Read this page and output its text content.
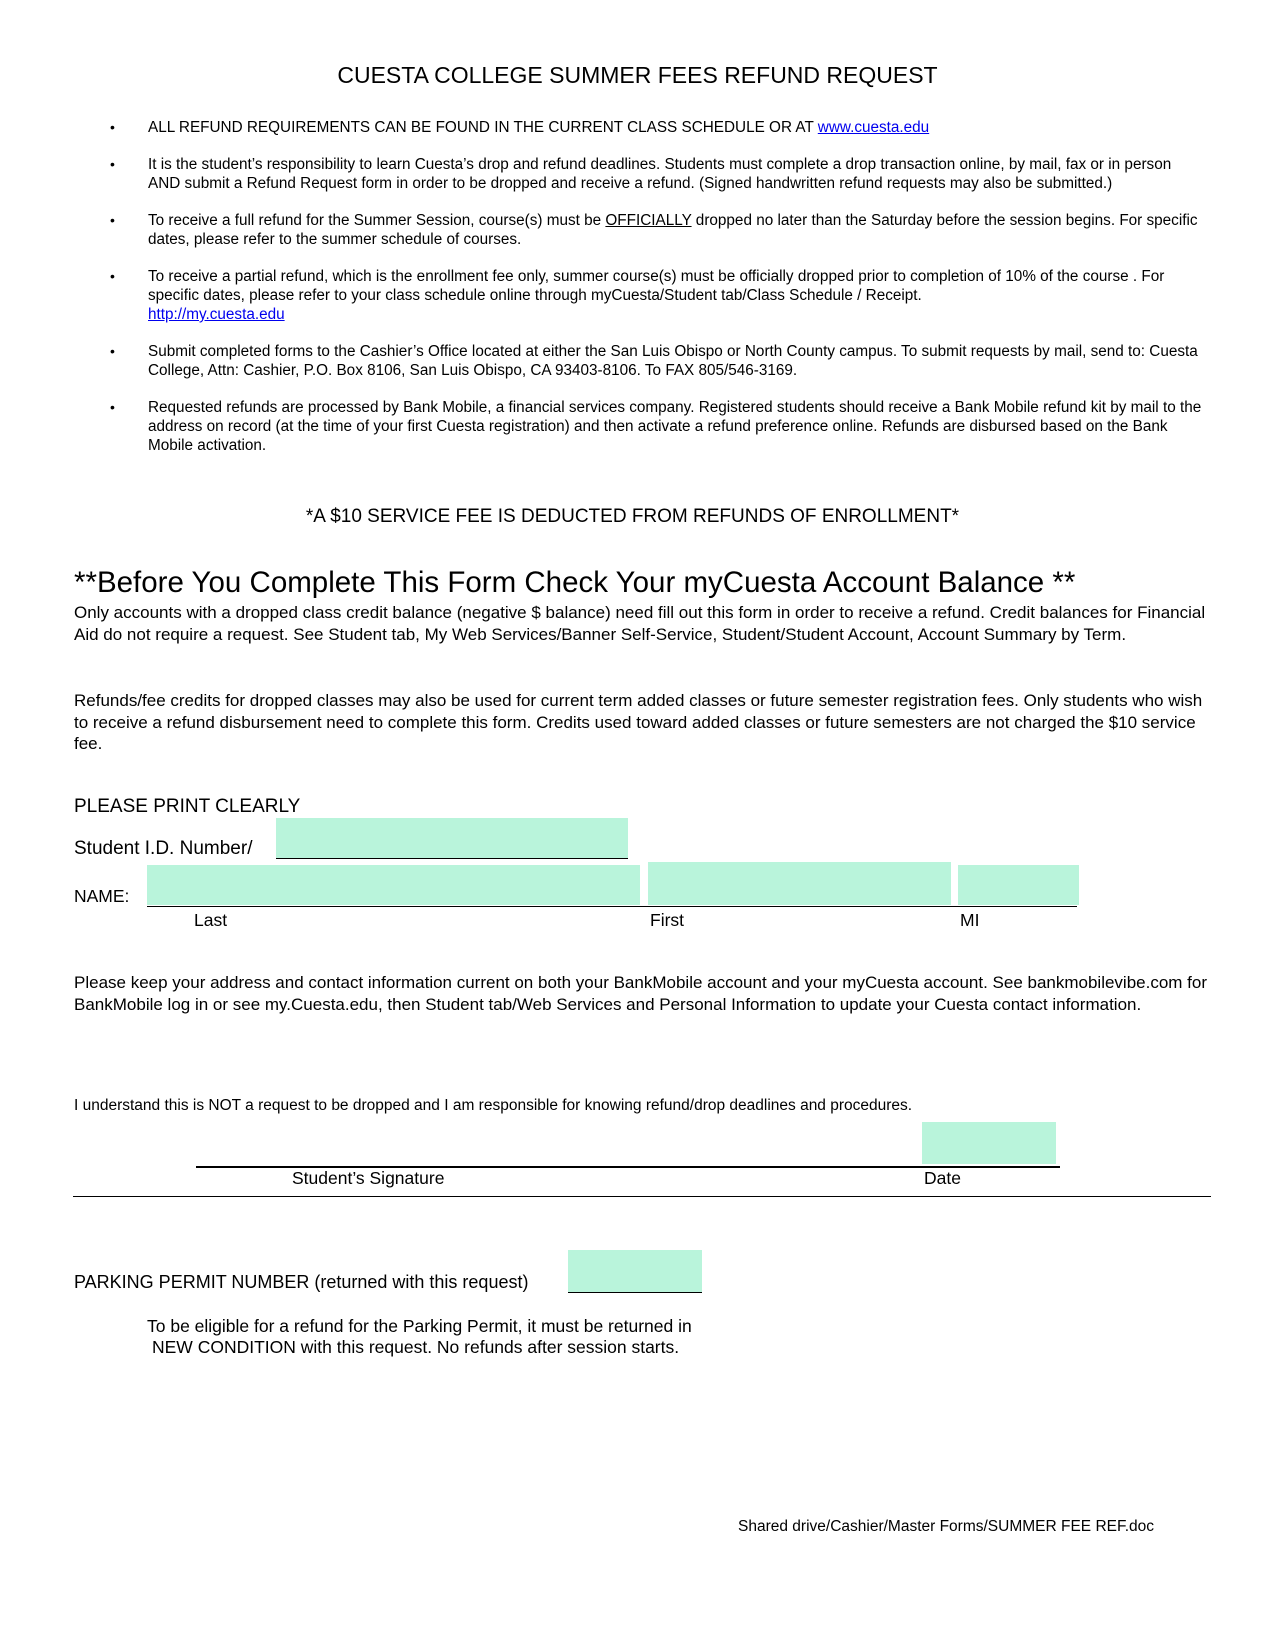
CUESTA COLLEGE SUMMER FEES REFUND REQUEST
• ALL REFUND REQUIREMENTS CAN BE FOUND IN THE CURRENT CLASS SCHEDULE OR AT www.cuesta.edu
• It is the student’s responsibility to learn Cuesta’s drop and refund deadlines. Students must complete a drop transaction online, by mail, fax or in person AND submit a Refund Request form in order to be dropped and receive a refund. (Signed handwritten refund requests may also be submitted.)
• To receive a full refund for the Summer Session, course(s) must be OFFICIALLY dropped no later than the Saturday before the session begins. For specific dates, please refer to the summer schedule of courses.
• To receive a partial refund, which is the enrollment fee only, summer course(s) must be officially dropped prior to completion of 10% of the course . For specific dates, please refer to your class schedule online through myCuesta/Student tab/Class Schedule / Receipt.
http://my.cuesta.edu
• Submit completed forms to the Cashier’s Office located at either the San Luis Obispo or North County campus. To submit requests by mail, send to: Cuesta College, Attn: Cashier, P.O. Box 8106, San Luis Obispo, CA 93403-8106. To FAX 805/546-3169.
• Requested refunds are processed by Bank Mobile, a financial services company. Registered students should receive a Bank Mobile refund kit by mail to the address on record (at the time of your first Cuesta registration) and then activate a refund preference online. Refunds are disbursed based on the Bank Mobile activation.
*A $10 SERVICE FEE IS DEDUCTED FROM REFUNDS OF ENROLLMENT*
**Before You Complete This Form Check Your myCuesta Account Balance **
Only accounts with a dropped class credit balance (negative $ balance) need fill out this form in order to receive a refund. Credit balances for Financial Aid do not require a request. See Student tab, My Web Services/Banner Self-Service, Student/Student Account, Account Summary by Term.
Refunds/fee credits for dropped classes may also be used for current term added classes or future semester registration fees. Only students who wish to receive a refund disbursement need to complete this form. Credits used toward added classes or future semesters are not charged the $10 service fee.
PLEASE PRINT CLEARLY
Student I.D. Number/
NAME:
Last	First	MI
Please keep your address and contact information current on both your BankMobile account and your myCuesta account. See bankmobilevibe.com for BankMobile log in or see my.Cuesta.edu, then Student tab/Web Services and Personal Information to update your Cuesta contact information.
I understand this is NOT a request to be dropped and I am responsible for knowing refund/drop deadlines and procedures.
Student’s Signature	Date
PARKING PERMIT NUMBER (returned with this request)
To be eligible for a refund for the Parking Permit, it must be returned in
NEW CONDITION with this request. No refunds after session starts.
Shared drive/Cashier/Master Forms/SUMMER FEE REF.doc
